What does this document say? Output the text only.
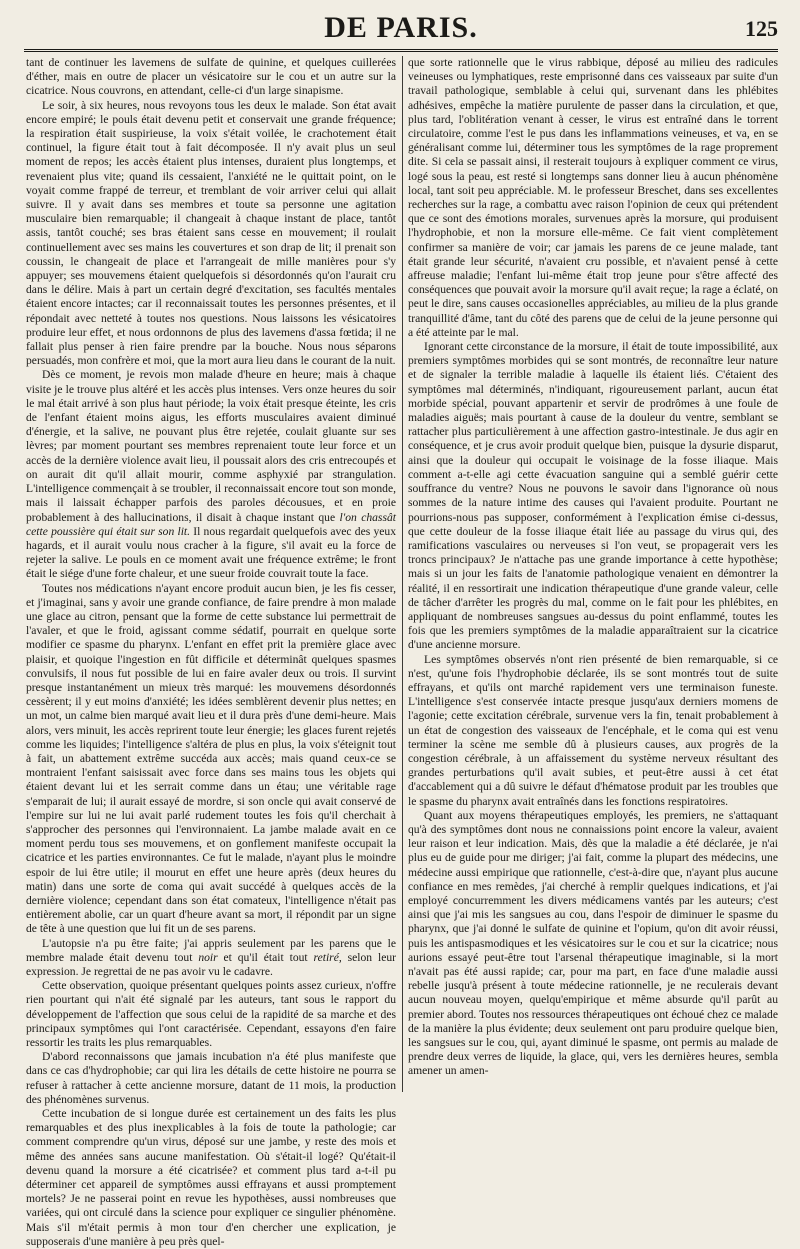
DE PARIS.	125

tant de continuer les lavemens de sulfate de quinine, et quelques cuillerées d'éther, mais en outre de placer un vésicatoire sur le cou et un autre sur la cicatrice. Nous couvrons, en attendant, celle-ci d'un large sinapisme.

Le soir, à six heures, nous revoyons tous les deux le malade. Son état avait encore empiré; le pouls était devenu petit et conservait une grande fréquence; la respiration était suspirieuse, la voix s'était voilée, le crachotement était continuel, la figure était tout à fait décomposée. Il n'y avait plus un seul moment de repos; les accès étaient plus intenses, duraient plus longtemps, et revenaient plus vite; quand ils cessaient, l'anxiété ne le quittait point, on le voyait comme frappé de terreur, et tremblant de voir arriver celui qui allait suivre. Il y avait dans ses membres et toute sa personne une agitation musculaire bien remarquable; il changeait à chaque instant de place, tantôt assis, tantôt couché; ses bras étaient sans cesse en mouvement; il roulait continuellement avec ses mains les couvertures et son drap de lit; il prenait son coussin, le changeait de place et l'arrangeait de mille manières pour s'y appuyer; ses mouvemens étaient quelquefois si désordonnés qu'on l'aurait cru dans le délire. Mais à part un certain degré d'excitation, ses facultés mentales étaient encore intactes; car il reconnaissait toutes les personnes présentes, et il répondait avec netteté à toutes nos questions. Nous laissons les vésicatoires produire leur effet, et nous ordonnons de plus des lavemens d'assa fœtida; il ne fallait plus penser à rien faire prendre par la bouche. Nous nous séparons persuadés, mon confrère et moi, que la mort aura lieu dans le courant de la nuit.

Dès ce moment, je revois mon malade d'heure en heure; mais à chaque visite je le trouve plus altéré et les accès plus intenses. Vers onze heures du soir le mal était arrivé à son plus haut période; la voix était presque éteinte, les cris de l'enfant étaient moins aigus, les efforts musculaires avaient diminué d'énergie, et la salive, ne pouvant plus être rejetée, coulait gluante sur ses lèvres; par moment pourtant ses membres reprenaient toute leur force et un accès de la dernière violence avait lieu, il poussait alors des cris entrecoupés et on aurait dit qu'il allait mourir, comme asphyxié par strangulation. L'intelligence commençait à se troubler, il reconnaissait encore tout son monde, mais il laissait échapper parfois des paroles décousues, et en proie probablement à des hallucinations, il disait à chaque instant que l'on chassât cette poussière qui était sur son lit. Il nous regardait quelquefois avec des yeux hagards, et il aurait voulu nous cracher à la figure, s'il avait eu la force de rejeter la salive. Le pouls en ce moment avait une fréquence extrême; le front était le siége d'une forte chaleur, et une sueur froide couvrait toute la face.

Toutes nos médications n'ayant encore produit aucun bien, je les fis cesser, et j'imaginai, sans y avoir une grande confiance, de faire prendre à mon malade une glace au citron, pensant que la forme de cette substance lui permettrait de l'avaler, et que le froid, agissant comme sédatif, pourrait en quelque sorte modifier ce spasme du pharynx. L'enfant en effet prit la première glace avec plaisir, et quoique l'ingestion en fût difficile et déterminât quelques spasmes convulsifs, il nous fut possible de lui en faire avaler deux ou trois. Il survint presque instantanément un mieux très marqué: les mouvemens désordonnés cessèrent; il y eut moins d'anxiété; les idées semblèrent devenir plus nettes; en un mot, un calme bien marqué avait lieu et il dura près d'une demi-heure. Mais alors, vers minuit, les accès reprirent toute leur énergie; les glaces furent rejetés comme les liquides; l'intelligence s'altéra de plus en plus, la voix s'éteignit tout à fait, un abattement extrême succéda aux accès; mais quand ceux-ce se montraient l'enfant saisissait avec force dans ses mains tous les objets qui étaient devant lui et les serrait comme dans un étau; une véritable rage s'emparait de lui; il aurait essayé de mordre, si son oncle qui avait conservé de l'empire sur lui ne lui avait parlé rudement toutes les fois qu'il cherchait à s'approcher des personnes qui l'environnaient. La jambe malade avait en ce moment perdu tous ses mouvemens, et on gonflement manifeste occupait la cicatrice et les parties environnantes. Ce fut le malade, n'ayant plus le moindre espoir de lui être utile; il mourut en effet une heure après (deux heures du matin) dans une sorte de coma qui avait succédé à quelques accès de la dernière violence; cependant dans son état comateux, l'intelligence n'était pas entièrement abolie, car un quart d'heure avant sa mort, il répondit par un signe de tête à une question que lui fit un de ses parens.

L'autopsie n'a pu être faite; j'ai appris seulement par les parens que le membre malade était devenu tout noir et qu'il était tout retiré, selon leur expression. Je regrettai de ne pas avoir vu le cadavre.

Cette observation, quoique présentant quelques points assez curieux, n'offre rien pourtant qui n'ait été signalé par les auteurs, tant sous le rapport du développement de l'affection que sous celui de la rapidité de sa marche et des principaux symptômes qui l'ont caractérisée. Cependant, essayons d'en faire ressortir les traits les plus remarquables.

D'abord reconnaissons que jamais incubation n'a été plus manifeste que dans ce cas d'hydrophobie; car qui lira les détails de cette histoire ne pourra se refuser à rattacher à cette ancienne morsure, datant de 11 mois, la production des phénomènes survenus.

Cette incubation de si longue durée est certainement un des faits les plus remarquables et des plus inexplicables à la fois de toute la pathologie; car comment comprendre qu'un virus, déposé sur une jambe, y reste des mois et même des années sans aucune manifestation. Où s'était-il logé? Qu'était-il devenu quand la morsure a été cicatrisée? et comment plus tard a-t-il pu déterminer cet appareil de symptômes aussi effrayans et aussi promptement mortels? Je ne passerai point en revue les hypothèses, aussi nombreuses que variées, qui ont circulé dans la science pour expliquer ce singulier phénomène. Mais s'il m'était permis à mon tour d'en chercher une explication, je supposerais d'une manière à peu près quel-

que sorte rationnelle que le virus rabbique, déposé au milieu des radicules veineuses ou lymphatiques, reste emprisonné dans ces vaisseaux par suite d'un travail pathologique, semblable à celui qui, survenant dans les phlébites adhésives, empêche la matière purulente de passer dans la circulation, et que, plus tard, l'oblitération venant à cesser, le virus est entraîné dans le torrent circulatoire, comme l'est le pus dans les inflammations veineuses, et va, en se généralisant comme lui, déterminer tous les symptômes de la rage proprement dite. Si cela se passait ainsi, il resterait toujours à expliquer comment ce virus, logé sous la peau, est resté si longtemps sans donner lieu à aucun phénomène local, tant soit peu appréciable. M. le professeur Breschet, dans ses excellentes recherches sur la rage, a combattu avec raison l'opinion de ceux qui prétendent que ce sont des émotions morales, survenues après la morsure, qui produisent l'hydrophobie, et non la morsure elle-même. Ce fait vient complètement confirmer sa manière de voir; car jamais les parens de ce jeune malade, tant était grande leur sécurité, n'avaient cru possible, et n'avaient pensé à cette affreuse maladie; l'enfant lui-même était trop jeune pour s'être affecté des conséquences que pouvait avoir la morsure qu'il avait reçue; la rage a éclaté, on peut le dire, sans causes occasionelles appréciables, au milieu de la plus grande tranquillité d'âme, tant du côté des parens que de celui de la jeune personne qui a été atteinte par le mal.

Ignorant cette circonstance de la morsure, il était de toute impossibilité, aux premiers symptômes morbides qui se sont montrés, de reconnaître leur nature et de signaler la terrible maladie à laquelle ils étaient liés. C'étaient des symptômes mal déterminés, n'indiquant, rigoureusement parlant, aucun état morbide spécial, pouvant appartenir et servir de prodrômes à une foule de maladies aiguës; mais pourtant à cause de la douleur du ventre, semblant se rattacher plus particulièrement à une affection gastro-intestinale. Je dus agir en conséquence, et je crus avoir produit quelque bien, puisque la dysurie disparut, ainsi que la douleur qui occupait le voisinage de la fosse iliaque. Mais comment a-t-elle agi cette évacuation sanguine qui a semblé guérir cette souffrance du ventre? Nous ne pouvons le savoir dans l'ignorance où nous sommes de la nature intime des causes qui l'avaient produite. Pourtant ne pourrions-nous pas supposer, conformément à l'explication émise ci-dessus, que cette douleur de la fosse iliaque était liée au passage du virus qui, des ramifications vasculaires ou nerveuses si l'on veut, se propagerait vers les troncs principaux? Je n'attache pas une grande importance à cette hypothèse; mais si un jour les faits de l'anatomie pathologique venaient en démontrer la réalité, il en ressortirait une indication thérapeutique d'une grande valeur, celle de tâcher d'arrêter les progrès du mal, comme on le fait pour les phlébites, en appliquant de nombreuses sangsues au-dessus du point enflammé, toutes les fois que les premiers symptômes de la maladie apparaîtraient sur la cicatrice d'une ancienne morsure.

Les symptômes observés n'ont rien présenté de bien remarquable, si ce n'est, qu'une fois l'hydrophobie déclarée, ils se sont montrés tout de suite effrayans, et qu'ils ont marché rapidement vers une terminaison funeste. L'intelligence s'est conservée intacte presque jusqu'aux derniers momens de l'agonie; cette excitation cérébrale, survenue vers la fin, tenait probablement à un état de congestion des vaisseaux de l'encéphale, et le coma qui est venu terminer la scène me semble dû à plusieurs causes, aux progrès de la congestion cérébrale, à un affaissement du système nerveux résultant des grandes perturbations qu'il avait subies, et peut-être aussi à cet état d'accablement qui a dû suivre le défaut d'hématose produit par les troubles que le spasme du pharynx avait entraînés dans les fonctions respiratoires.

Quant aux moyens thérapeutiques employés, les premiers, ne s'attaquant qu'à des symptômes dont nous ne connaissions point encore la valeur, avaient leur raison et leur indication. Mais, dès que la maladie a été déclarée, je n'ai plus eu de guide pour me diriger; j'ai fait, comme la plupart des médecins, une médecine aussi empirique que rationnelle, c'est-à-dire que, n'ayant plus aucune confiance en mes remèdes, j'ai cherché à remplir quelques indications, et j'ai employé concurremment les divers médicamens vantés par les auteurs; c'est ainsi que j'ai mis les sangsues au cou, dans l'espoir de diminuer le spasme du pharynx, que j'ai donné le sulfate de quinine et l'opium, qu'on dit avoir réussi, puis les antispasmodiques et les vésicatoires sur le cou et sur la cicatrice; nous aurions essayé peut-être tout l'arsenal thérapeutique imaginable, si la mort n'avait pas été aussi rapide; car, pour ma part, en face d'une maladie aussi rebelle jusqu'à présent à toute médecine rationnelle, je ne reculerais devant aucun nouveau moyen, quelqu'empirique et même absurde qu'il parût au premier abord. Toutes nos ressources thérapeutiques ont échoué chez ce malade de la manière la plus évidente; deux seulement ont paru produire quelque bien, les sangsues sur le cou, qui, ayant diminué le spasme, ont permis au malade de prendre deux verres de liquide, la glace, qui, vers les dernières heures, sembla amener un amen-
